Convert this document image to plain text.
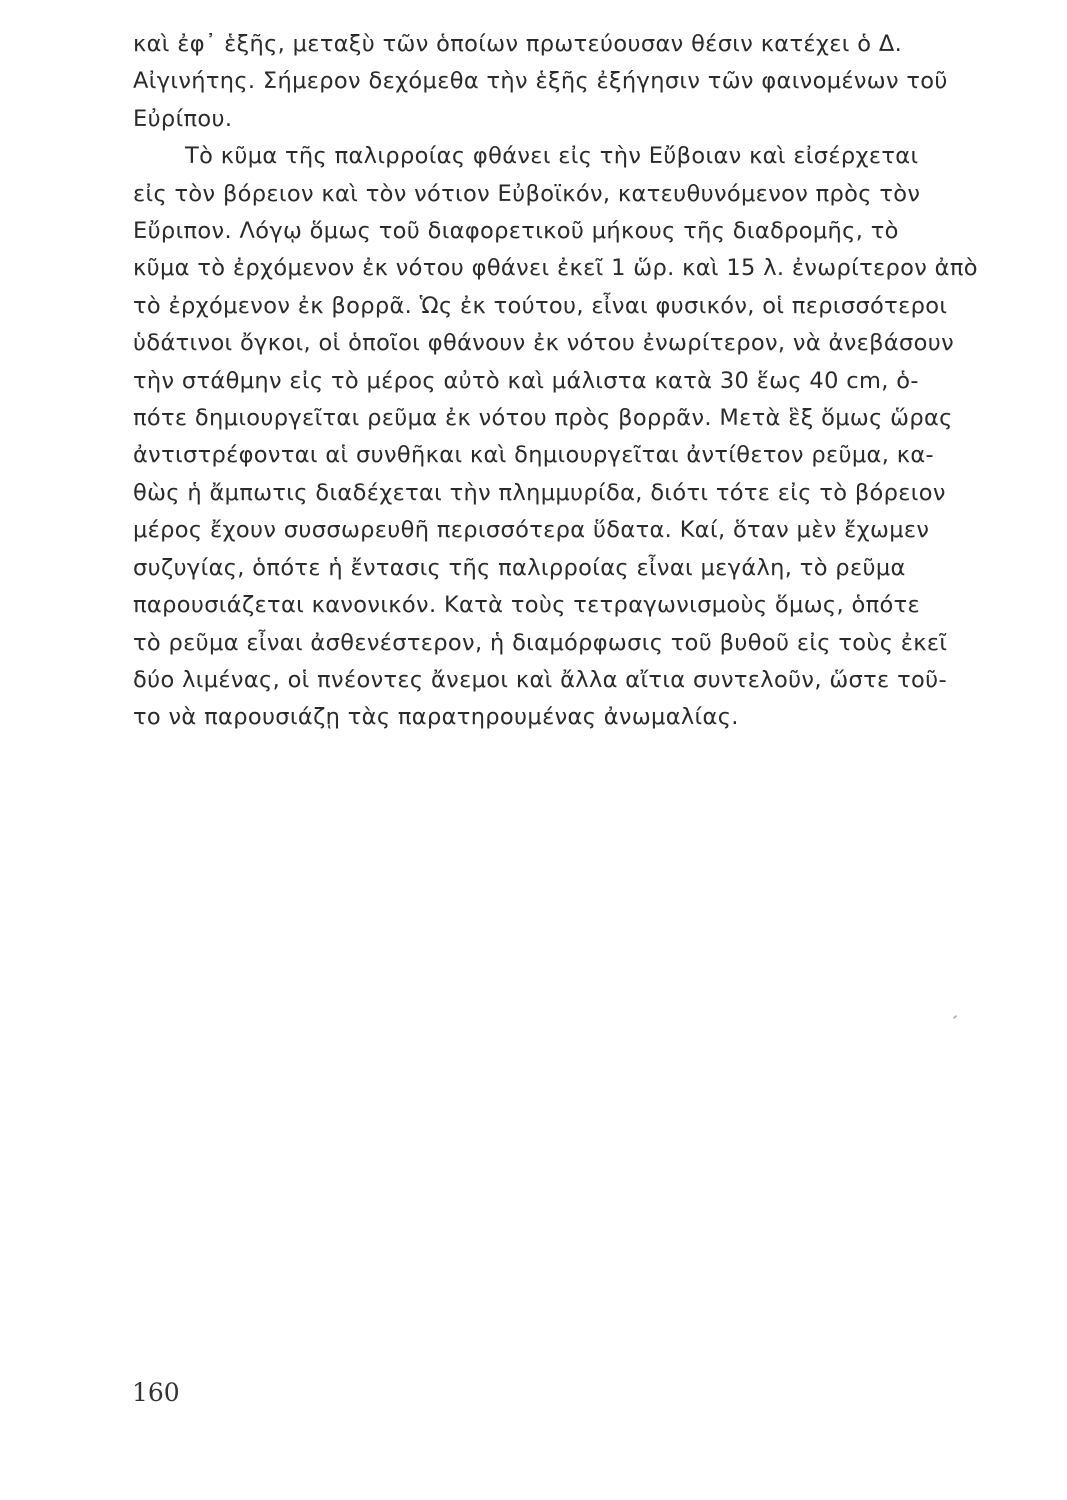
καὶ ἐφ᾽ ἑξῆς, μεταξὺ τῶν ὁποίων πρωτεύουσαν θέσιν κατέχει ὁ Δ.
Αἰγινήτης. Σήμερον δεχόμεθα τὴν ἑξῆς ἐξήγησιν τῶν φαινομένων τοῦ
Εὐρίπου.
Τὸ κῦμα τῆς παλιρροίας φθάνει εἰς τὴν Εὔβοιαν καὶ εἰσέρχεται
εἰς τὸν βόρειον καὶ τὸν νότιον Εὐβοϊκόν, κατευθυνόμενον πρὸς τὸν
Εὔριπον. Λόγῳ ὅμως τοῦ διαφορετικοῦ μήκους τῆς διαδρομῆς, τὸ
κῦμα τὸ ἐρχόμενον ἐκ νότου φθάνει ἐκεῖ 1 ὥρ. καὶ 15 λ. ἐνωρίτερον ἀπὸ
τὸ ἐρχόμενον ἐκ βορρᾶ. Ὡς ἐκ τούτου, εἶναι φυσικόν, οἱ περισσότεροι
ὑδάτινοι ὄγκοι, οἱ ὁποῖοι φθάνουν ἐκ νότου ἐνωρίτερον, νὰ ἀνεβάσουν
τὴν στάθμην εἰς τὸ μέρος αὐτὸ καὶ μάλιστα κατὰ 30 ἕως 40 cm, ὁ-
πότε δημιουργεῖται ρεῦμα ἐκ νότου πρὸς βορρᾶν. Μετὰ ἓξ ὅμως ὥρας
ἀντιστρέφονται αἱ συνθῆκαι καὶ δημιουργεῖται ἀντίθετον ρεῦμα, κα-
θὼς ἡ ἄμπωτις διαδέχεται τὴν πλημμυρίδα, διότι τότε εἰς τὸ βόρειον
μέρος ἔχουν συσσωρευθῆ περισσότερα ὕδατα. Καί, ὅταν μὲν ἔχωμεν
συζυγίας, ὁπότε ἡ ἔντασις τῆς παλιρροίας εἶναι μεγάλη, τὸ ρεῦμα
παρουσιάζεται κανονικόν. Κατὰ τοὺς τετραγωνισμοὺς ὅμως, ὁπότε
τὸ ρεῦμα εἶναι ἀσθενέστερον, ἡ διαμόρφωσις τοῦ βυθοῦ εἰς τοὺς ἐκεῖ
δύο λιμένας, οἱ πνέοντες ἄνεμοι καὶ ἄλλα αἴτια συντελοῦν, ὥστε τοῦ-
το νὰ παρουσιάζῃ τὰς παρατηρουμένας ἀνωμαλίας.
160
